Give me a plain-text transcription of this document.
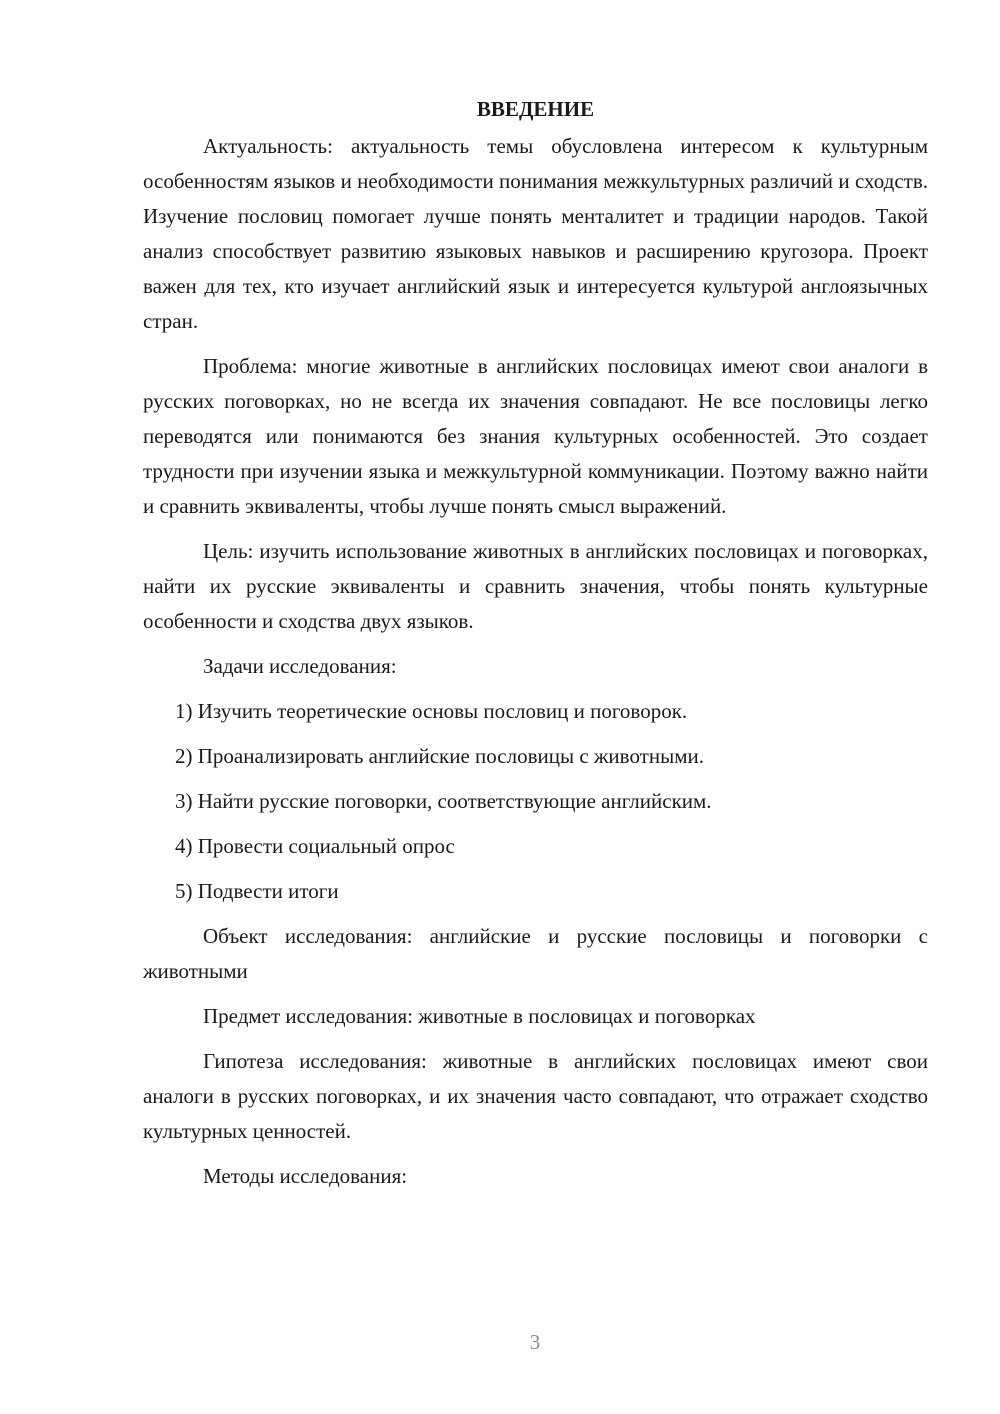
ВВЕДЕНИЕ

Актуальность: актуальность темы обусловлена интересом к культурным особенностям языков и необходимости понимания межкультурных различий и сходств. Изучение пословиц помогает лучше понять менталитет и традиции народов. Такой анализ способствует развитию языковых навыков и расширению кругозора. Проект важен для тех, кто изучает английский язык и интересуется культурой англоязычных стран.

Проблема: многие животные в английских пословицах имеют свои аналоги в русских поговорках, но не всегда их значения совпадают. Не все пословицы легко переводятся или понимаются без знания культурных особенностей. Это создает трудности при изучении языка и межкультурной коммуникации. Поэтому важно найти и сравнить эквиваленты, чтобы лучше понять смысл выражений.

Цель: изучить использование животных в английских пословицах и поговорках, найти их русские эквиваленты и сравнить значения, чтобы понять культурные особенности и сходства двух языков.

Задачи исследования:

1) Изучить теоретические основы пословиц и поговорок.
2) Проанализировать английские пословицы с животными.
3) Найти русские поговорки, соответствующие английским.
4) Провести социальный опрос
5) Подвести итоги

Объект исследования: английские и русские пословицы и поговорки с животными

Предмет исследования: животные в пословицах и поговорках

Гипотеза исследования: животные в английских пословицах имеют свои аналоги в русских поговорках, и их значения часто совпадают, что отражает сходство культурных ценностей.

Методы исследования:

3
